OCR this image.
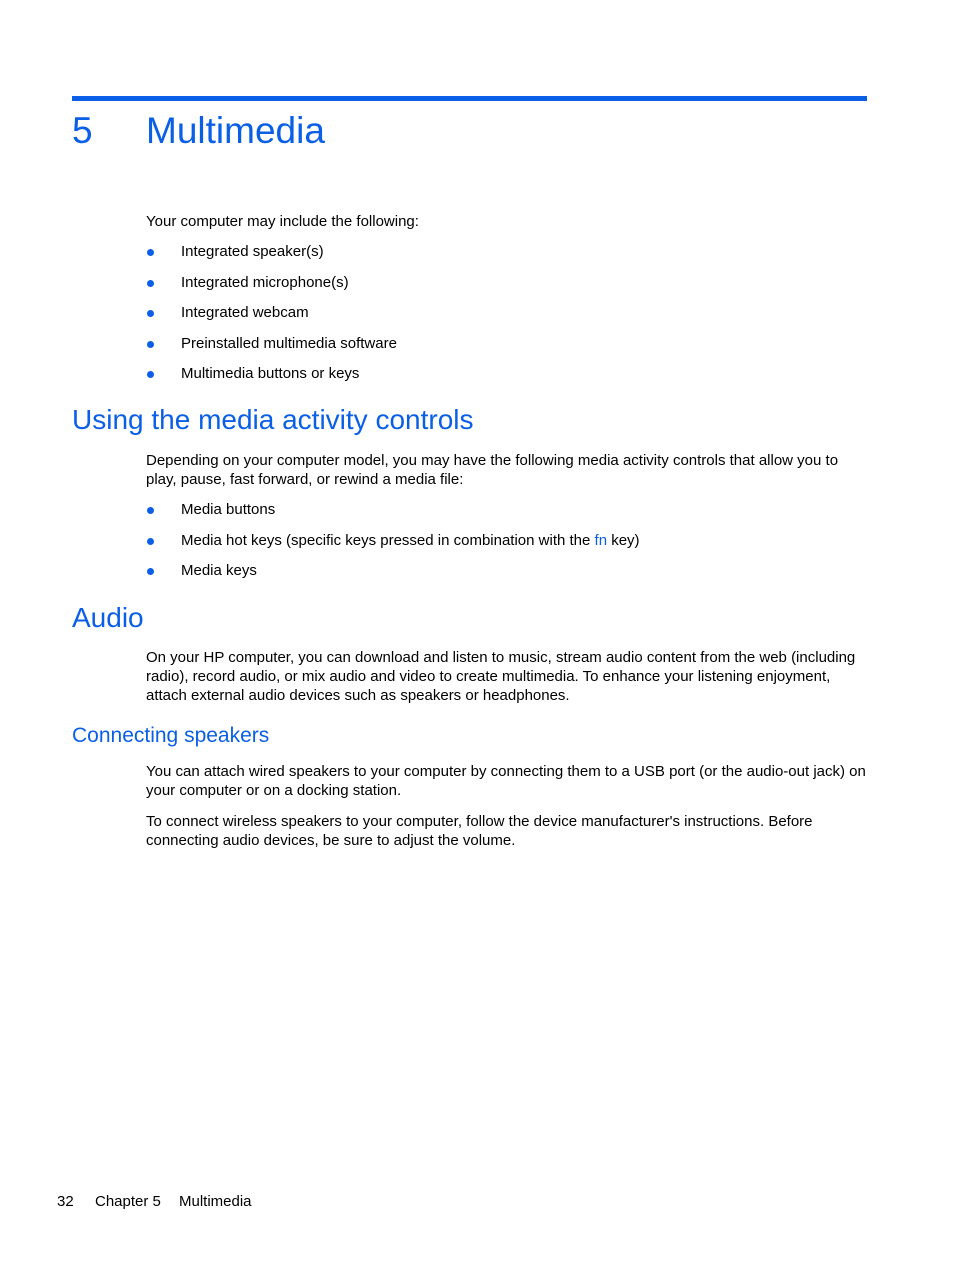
5 Multimedia

Your computer may include the following:

Integrated speaker(s)
Integrated microphone(s)
Integrated webcam
Preinstalled multimedia software
Multimedia buttons or keys
Using the media activity controls

Depending on your computer model, you may have the following media activity controls that allow you to play, pause, fast forward, or rewind a media file:

Media buttons
Media hot keys (specific keys pressed in combination with the fn key)
Media keys
Audio

On your HP computer, you can download and listen to music, stream audio content from the web (including radio), record audio, or mix audio and video to create multimedia. To enhance your listening enjoyment, attach external audio devices such as speakers or headphones.

Connecting speakers

You can attach wired speakers to your computer by connecting them to a USB port (or the audio-out jack) on your computer or on a docking station.

To connect wireless speakers to your computer, follow the device manufacturer's instructions. Before connecting audio devices, be sure to adjust the volume.

32 Chapter 5 Multimedia
